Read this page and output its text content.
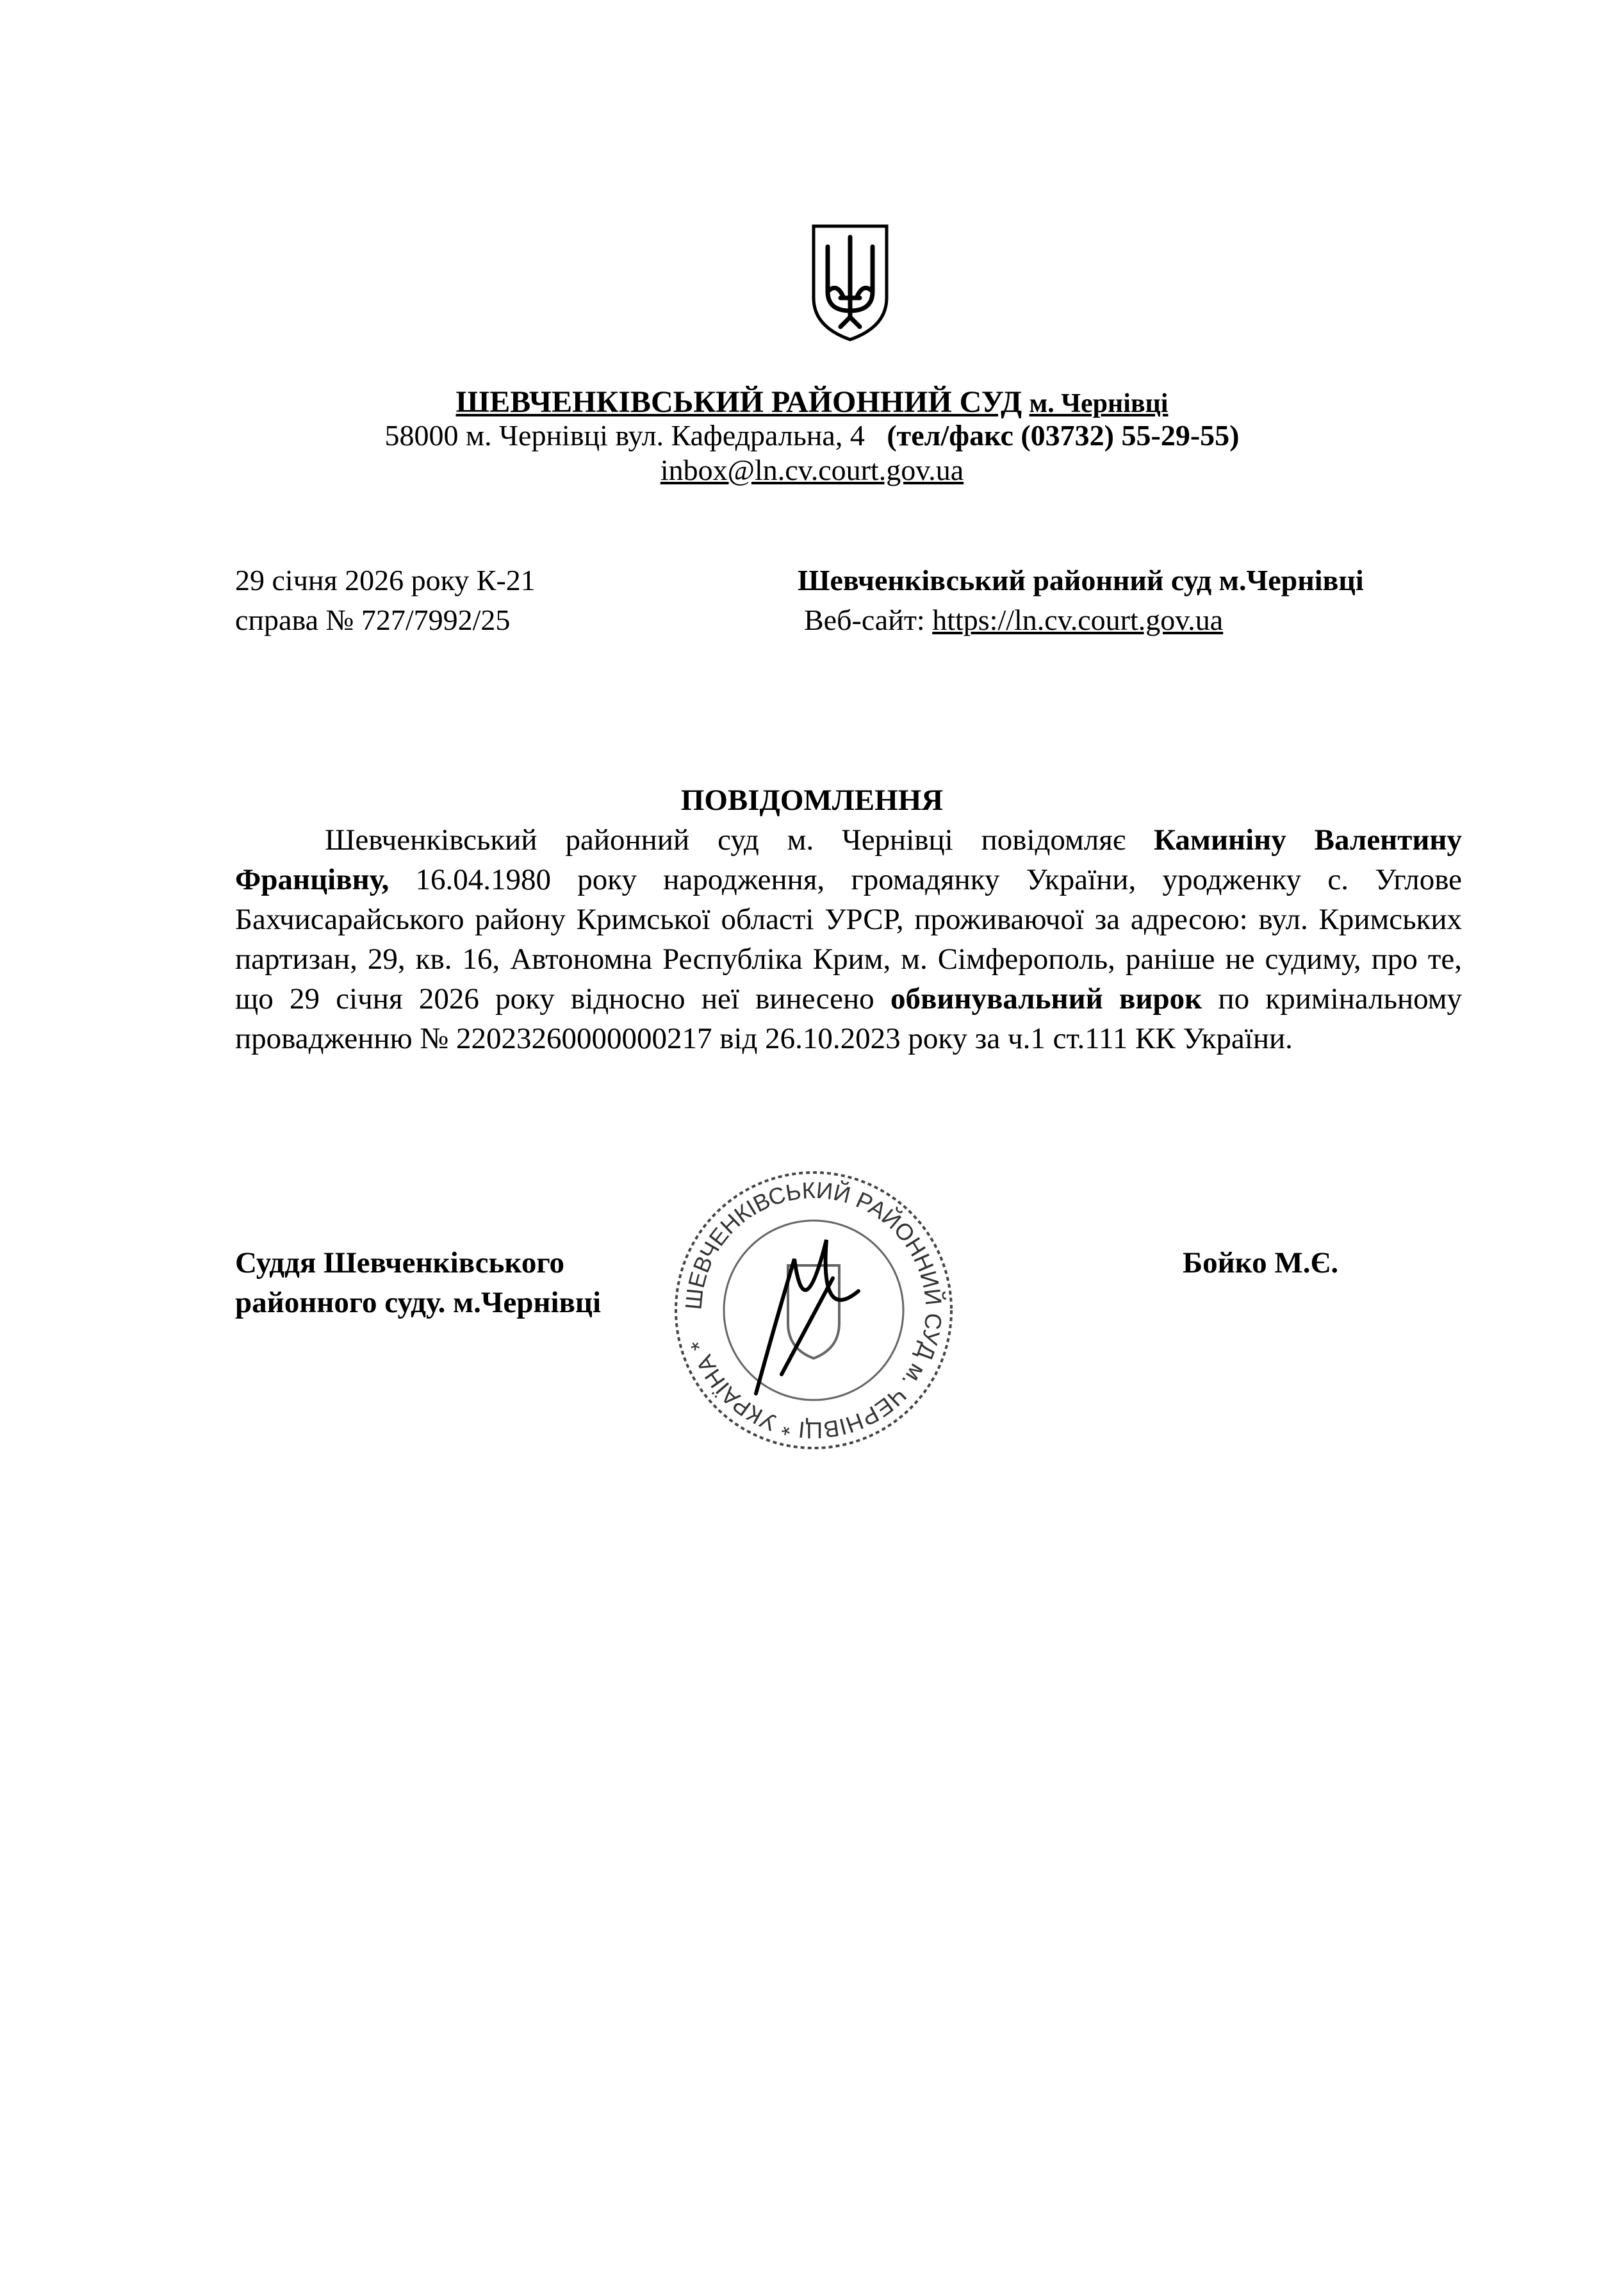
ШЕВЧЕНКІВСЬКИЙ РАЙОННИЙ СУД м. Чернівці
58000 м. Чернівці вул. Кафедральна, 4 (тел/факс (03732) 55-29-55)
inbox@ln.cv.court.gov.ua
29 січня 2026 року К-21
справа № 727/7992/25
Шевченківський районний суд м.Чернівці
Веб-сайт: https://ln.cv.court.gov.ua
ПОВІДОМЛЕННЯ
Шевченківський районний суд м. Чернівці повідомляє Каминіну Валентину Францівну, 16.04.1980 року народження, громадянку України, уродженку с. Углове Бахчисарайського району Кримської області УРСР, проживаючої за адресою: вул. Кримських партизан, 29, кв. 16, Автономна Республіка Крим, м. Сімферополь, раніше не судиму, про те, що 29 січня 2026 року відносно неї винесено обвинувальний вирок по кримінальному провадженню № 22023260000000217 від 26.10.2023 року за ч.1 ст.111 КК України.
Суддя Шевченківського
районного суду. м.Чернівці
Бойко М.Є.
ШЕВЧЕНКІВСЬКИЙ РАЙОННИЙ СУД м. ЧЕРНІВЦІ * УКРАЇНА *
